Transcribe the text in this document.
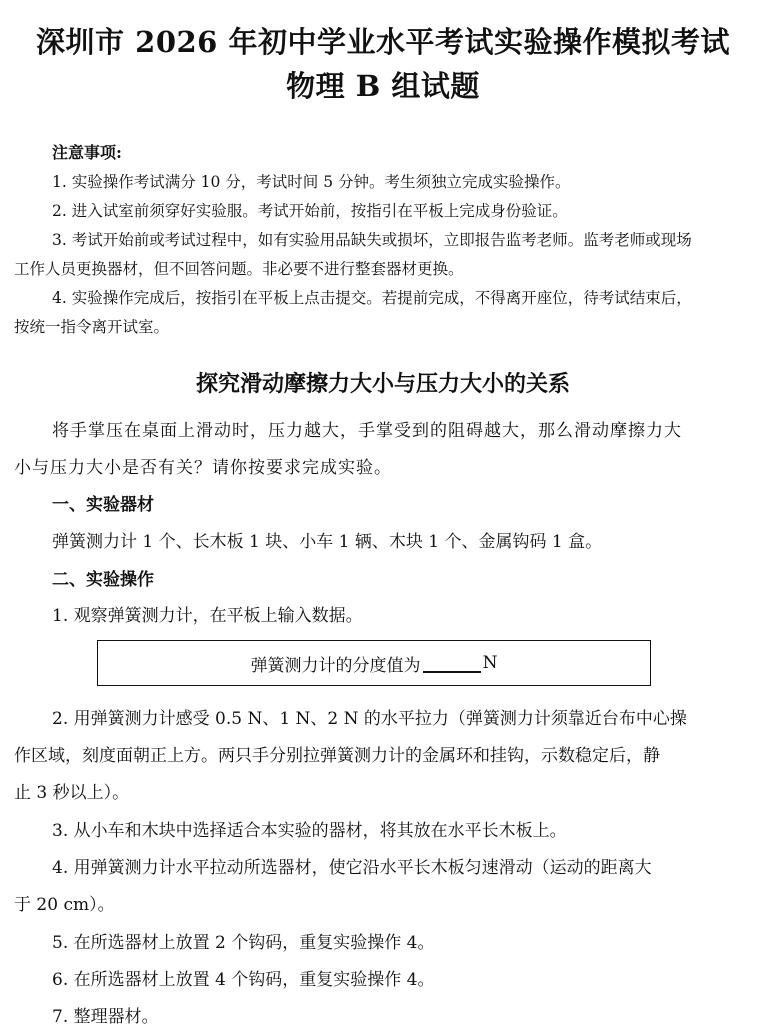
深圳市 2026 年初中学业水平考试实验操作模拟考试
物理 B 组试题
注意事项:
1. 实验操作考试满分 10 分，考试时间 5 分钟。考生须独立完成实验操作。
2. 进入试室前须穿好实验服。考试开始前，按指引在平板上完成身份验证。
3. 考试开始前或考试过程中，如有实验用品缺失或损坏，立即报告监考老师。监考老师或现场
工作人员更换器材，但不回答问题。非必要不进行整套器材更换。
4. 实验操作完成后，按指引在平板上点击提交。若提前完成，不得离开座位，待考试结束后，
按统一指令离开试室。
探究滑动摩擦力大小与压力大小的关系
将手掌压在桌面上滑动时，压力越大，手掌受到的阻碍越大，那么滑动摩擦力大
小与压力大小是否有关？请你按要求完成实验。
一、实验器材
弹簧测力计 1 个、长木板 1 块、小车 1 辆、木块 1 个、金属钩码 1 盒。
二、实验操作
1. 观察弹簧测力计，在平板上输入数据。
弹簧测力计的分度值为	N
2. 用弹簧测力计感受 0.5 N、1 N、2 N 的水平拉力（弹簧测力计须靠近台布中心操
作区域，刻度面朝正上方。两只手分别拉弹簧测力计的金属环和挂钩，示数稳定后，静
止 3 秒以上）。
3. 从小车和木块中选择适合本实验的器材，将其放在水平长木板上。
4. 用弹簧测力计水平拉动所选器材，使它沿水平长木板匀速滑动（运动的距离大
于 20 cm）。
5. 在所选器材上放置 2 个钩码，重复实验操作 4。
6. 在所选器材上放置 4 个钩码，重复实验操作 4。
7. 整理器材。
